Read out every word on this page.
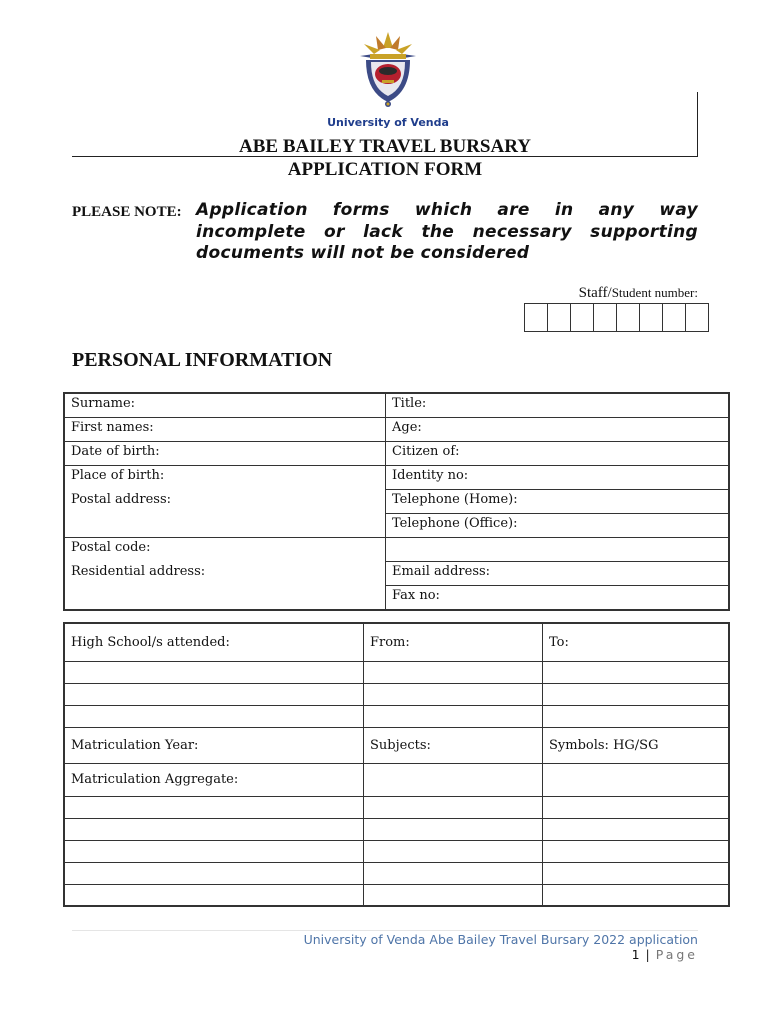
University of Venda
ABE BAILEY TRAVEL BURSARY
APPLICATION FORM
PLEASE NOTE: Application forms which are in any way incomplete or lack the necessary supporting documents will not be considered
Staff/Student number:
PERSONAL INFORMATION
Surname:	Title:
First names:	Age:
Date of birth:	Citizen of:
Place of birth:	Identity no:
Postal address:	Telephone (Home):
	Telephone (Office):
Postal code:	
Residential address:	Email address:
	Fax no:
High School/s attended:	From:	To:

Matriculation Year:	Subjects:	Symbols: HG/SG
Matriculation Aggregate:		

University of Venda Abe Bailey Travel Bursary 2022 application
1 | Page
